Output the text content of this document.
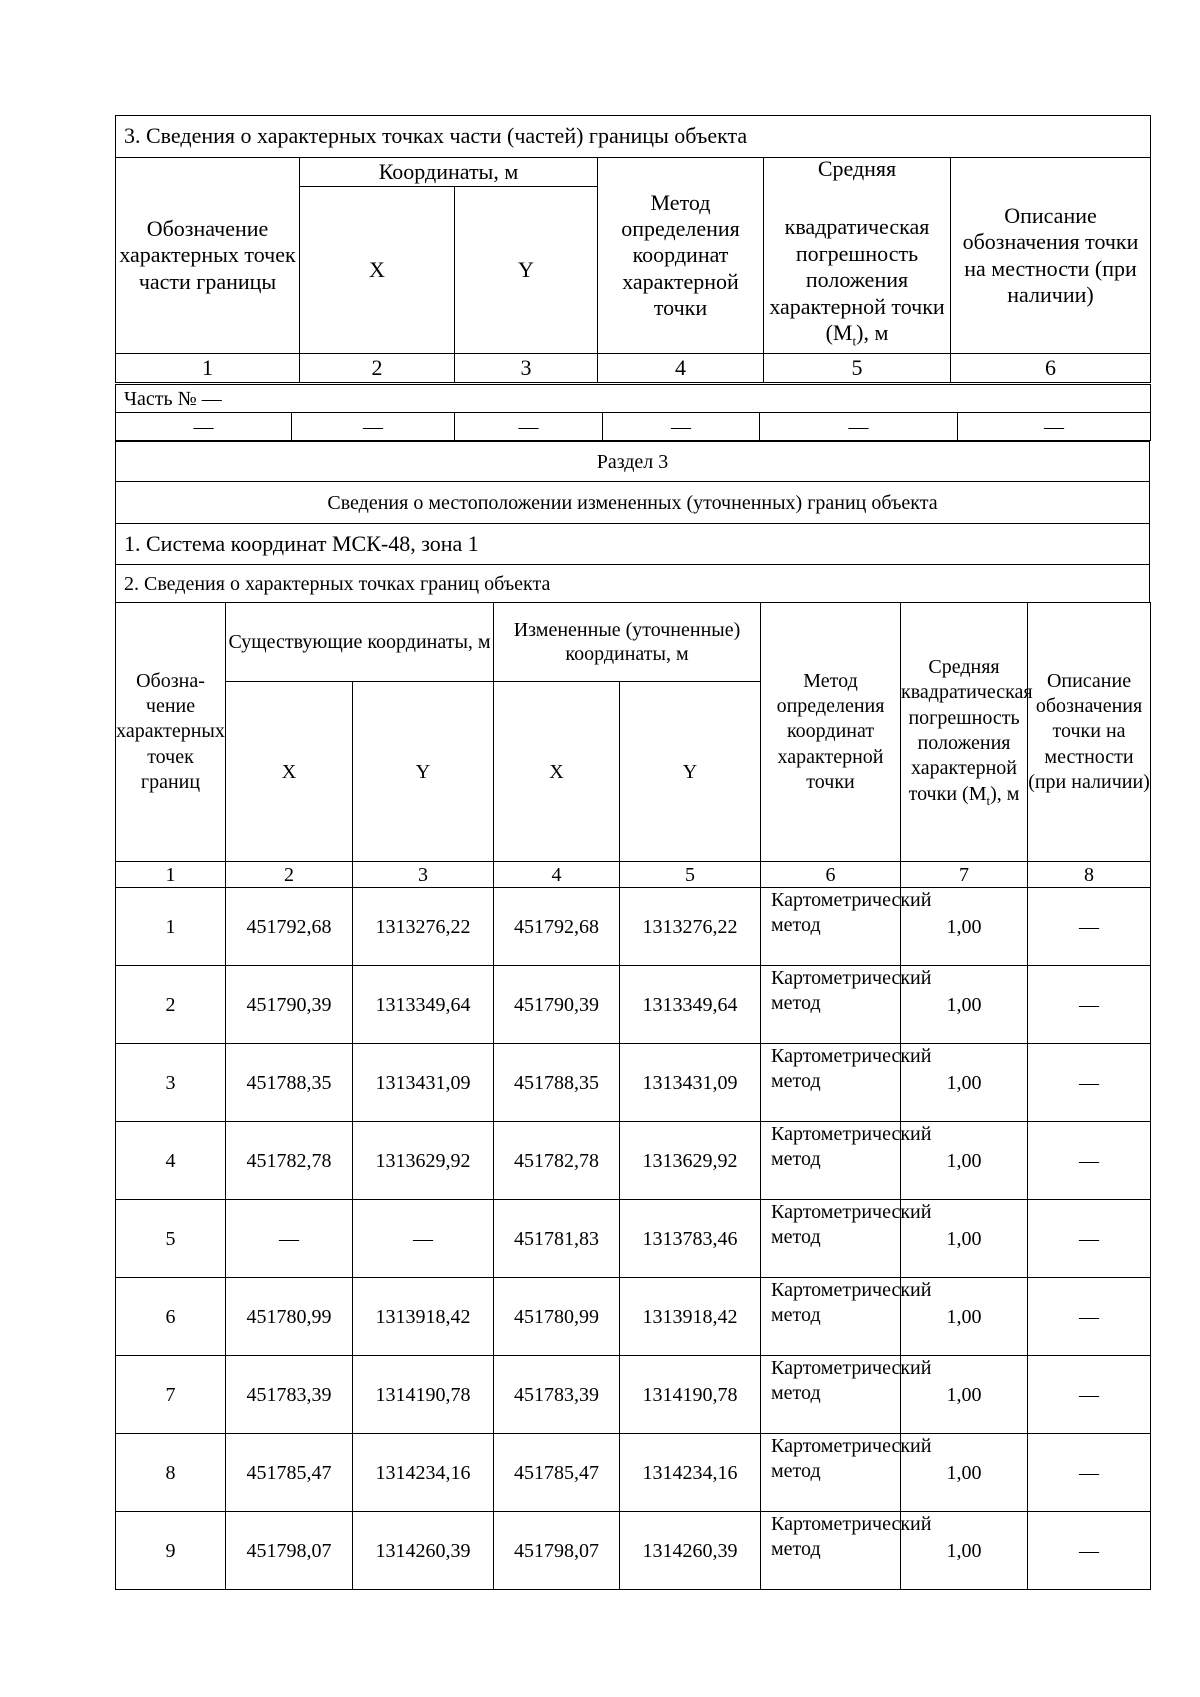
3. Сведения о характерных точках части (частей) границы объекта					
Обозначение характерных точек части границы	Координаты, м		Метод определения координат характерной точки	Средняя
квадратическая погрешность положения характерной точки $(M_t)$, м	Описание обозначения точки на местности (при наличии)
	X	Y			
1	2	3	4	5	6
Часть № —
—	—	—	—	—	—
Раздел 3
Сведения о местоположении измененных (уточненных) границ объекта
1. Система координат МСК-48, зона 1
2. Сведения о характерных точках границ объекта
Обозна-чение характерных точек границ	Существующие координаты, м		Измененные (уточненные) координаты, м		Метод определения координат характерной точки	Средняя квадратическая погрешность положения характерной точки $(M_t)$, м	Описание обозначения точки на местности (при наличии)
	X	Y	X	Y			
1	2	3	4	5	6	7	8
1	451792,68	1313276,22	451792,68	1313276,22	Картометрический метод	1,00	—
2	451790,39	1313349,64	451790,39	1313349,64	Картометрический метод	1,00	—
3	451788,35	1313431,09	451788,35	1313431,09	Картометрический метод	1,00	—
4	451782,78	1313629,92	451782,78	1313629,92	Картометрический метод	1,00	—
5	—	—	451781,83	1313783,46	Картометрический метод	1,00	—
6	451780,99	1313918,42	451780,99	1313918,42	Картометрический метод	1,00	—
7	451783,39	1314190,78	451783,39	1314190,78	Картометрический метод	1,00	—
8	451785,47	1314234,16	451785,47	1314234,16	Картометрический метод	1,00	—
9	451798,07	1314260,39	451798,07	1314260,39	Картометрический метод	1,00	—
